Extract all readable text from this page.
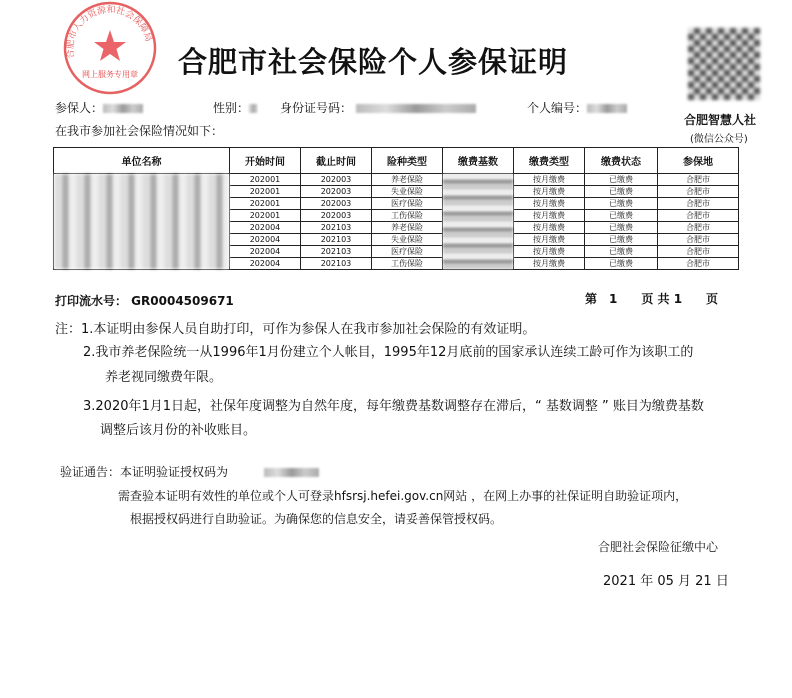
合肥市人力资源和社会保障局
网上服务专用章 合肥市社会保险个人参保证明
合肥智慧人社
(微信公众号)
参保人：	性别：	身份证号码：	个人编号：
在我市参加社会保险情况如下：
单位名称	开始时间	截止时间	险种类型	缴费基数	缴费类型	缴费状态	参保地
	202001	202003	养老保险		按月缴费	已缴费	合肥市
	202001	202003	失业保险		按月缴费	已缴费	合肥市
	202001	202003	医疗保险		按月缴费	已缴费	合肥市
	202001	202003	工伤保险		按月缴费	已缴费	合肥市
	202004	202103	养老保险		按月缴费	已缴费	合肥市
	202004	202103	失业保险		按月缴费	已缴费	合肥市
	202004	202103	医疗保险		按月缴费	已缴费	合肥市
	202004	202103	工伤保险		按月缴费	已缴费	合肥市
打印流水号： GR0004509671	第　1　　页 共 1　　页
注：1.本证明由参保人员自助打印，可作为参保人在我市参加社会保险的有效证明。
2.我市养老保险统一从1996年1月份建立个人帐目，1995年12月底前的国家承认连续工龄可作为该职工的
养老视同缴费年限。
3.2020年1月1日起，社保年度调整为自然年度，每年缴费基数调整存在滞后，“ 基数调整 ” 账目为缴费基数
调整后该月份的补收账目。
验证通告：本证明验证授权码为　　　
需查验本证明有效性的单位或个人可登录hfsrsj.hefei.gov.cn网站 ，在网上办事的社保证明自助验证项内，
根据授权码进行自助验证。为确保您的信息安全，请妥善保管授权码。
合肥社会保险征缴中心
2021 年 05 月 21 日
